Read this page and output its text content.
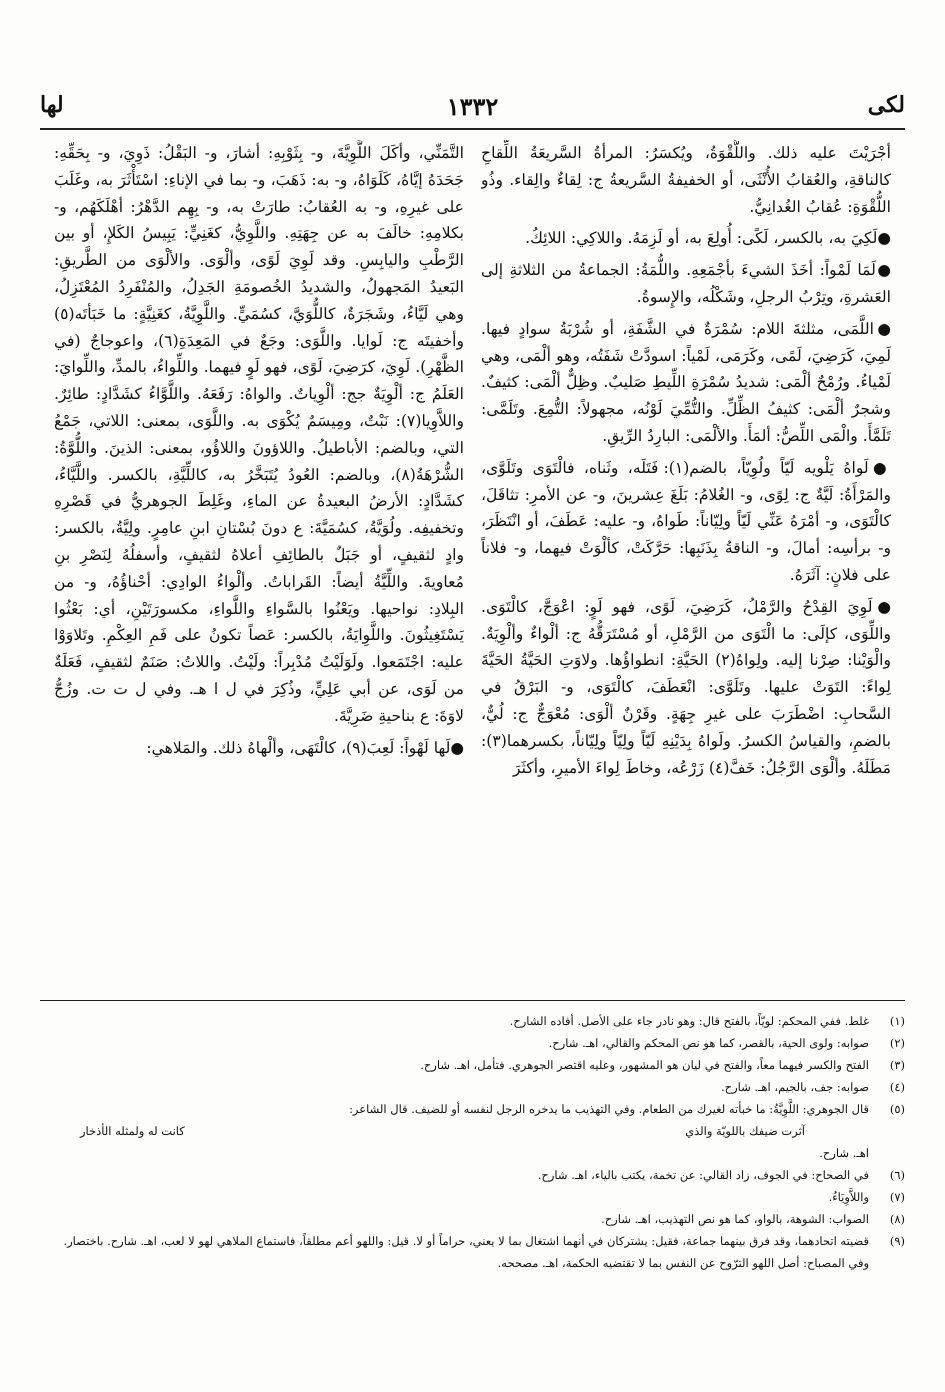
لكى
١٣٣٢
لها

أجْرَيْتَ عليه ذلك. واللُّقْوَةُ، ويُكسَرُ: المرأةُ السَّريعَةُ اللِّقاحِ كالناقةِ، والعُقابُ الأُنْثَى، أو الخفيفةُ السَّريعةُ ج: لِقاءٌ والِقاء. وذُو اللُّقْوَةِ: عُقابُ الغُدانِيُّ.

●لَكِيَ به، بالكسر، لَكًى: أُولِعَ به، أو لَزِمَهُ. واللاكِي: اللائِكُ.

●لَمَا لَمْواً: أخَذَ الشيءَ بأجْمَعِهِ. واللُّمَةُ: الجماعةُ من الثلاثةِ إلى العَشرةِ، وتِرْبُ الرجلِ، وشَكْلُه، والإِسوةُ.

●اللَّمَى، مثلثةَ اللام: سُمْرَةٌ في الشَّفَةِ، أو شُرْبَةُ سوادٍ فيها. لَمِيَ، كَرَضِيَ، لَمًى، وكَرَمَى، لَمْياً: اسودَّتْ شَفَتُه، وهو ألْمَى، وهي لَمْياءُ. ورُمْحٌ ألْمَى: شديدُ سُمْرَةِ اللِّيطِ صَليبٌ. وظِلٌّ ألْمَى: كثيفٌ. وشجرٌ ألْمَى: كثيفُ الظِّلِّ. والتُّمِّيَ لَوْنُه، مجهولاً: التُّمِعَ. وتَلَمَّى: تَلَمَّأَ. والْمَى اللِّصُّ: ألمَأَ. والألْمَى: البارِدُ الرِّيقِ.

●لَواهُ يَلْويه لَيّاً ولُوِيّاً، بالضم(١): فَتَلَه، وثَناه، فالْتَوَى وتَلَوَّى، والمَرْأَةُ: لَيَّةٌ ج: لِوًى، و- الغُلامُ: بَلَغَ عِشرينَ، و- عن الأمرِ: تثاقَلَ، كالْتَوَى، و- أمْرَهُ عَنِّي لَيّاً ولِيّاناً: طَواهُ، و- عليه: عَطَفَ، أو انْتَظَرَ، و- برأسِه: أمالَ، و- الناقةُ بِذَنَبِها: حَرَّكَتْ، كألْوَتْ فيهما، و- فلاناً على فلانٍ: آثَرَهُ.

●لَوِيَ القِدْحُ والرَّمْلُ، كَرَضِيَ، لَوًى، فهو لَوٍ: اعْوَجَّ، كالْتَوَى. واللِّوَى، كإلَى: ما الْتَوَى من الرَّمْلِ، أو مُسْتَرَقُّهُ ج: ألْواءٌ وألْوِيَةٌ. والْوَيْنا: صِرْنا إليه. ولِواهُ(٢) الحَيَّةِ: انطواؤُها. ولاوَتِ الحَيَّةُ الحَيَّةَ لِواءً: التَوَتْ عليها. وتَلَوَّى: انْعَطَفَ، كالْتَوَى، و- البَرْقُ في السَّحابِ: اضْطَرَبَ على غيرِ جِهَةٍ. وقَرْنٌ ألْوَى: مُعْوَجٌّ ج: لُيٌّ، بالضمِ، والقياسُ الكسرُ. ولَواهُ بِدَيْنِهِ لَيّاً ولِيّاً ولِيّاناً، بكسرهما(٣): مَطَلَهُ. وألْوَى الرَّجُلُ: خَفَّ(٤) زَرْعُه، وخاطَ لِواءَ الأميرِ، وأكثَرَ

التَّمَنِّي، وأكَلَ اللَّوِيَّةَ، و- بِثَوْبِهِ: أشارَ، و- البَقْلُ: ذَوِيَ، و- بِحَقِّهِ: جَحَدَهُ إيَّاهُ، كَلَوَاهُ، و- به: ذَهَبَ، و- بما في الإناءِ: اسْتَأْثَرَ به، وغَلَبَ على غيرِهِ، و- به العُقابُ: طارَتْ به، و- بِهِم الدَّهْرُ: أهْلَكَهُم، و- بكلامِهِ: خالَفَ به عن جِهَتِهِ. واللَّوِيُّ، كغَنِيٍّ: يَبِيسُ الكَلإِ، أو بين الرَّطْبِ واليابِسِ. وقد لَوِيَ لَوًى، وألْوَى. والألْوَى من الطَّريقِ: البَعيدُ المَجهولُ، والشديدُ الخُصومَةِ الجَدِلُ، والمُنْفَرِدُ المُعْتَزِلُ، وهي لَيَّاءُ، وشَجَرَةٌ، كاللُّوَيَّ، كسُمَيٍّ. واللَّوِيَّةُ، كغَنِيَّةٍ: ما خَبَأتَه(٥) وأخفيتَه ج: لَوايا. واللَّوَى: وجَعٌ في المَعِدَةِ(٦)، واعوجاجٌ (في الظَّهْرِ). لَوِيَ، كرَضِيَ، لَوًى، فهو لَوٍ فيهما. واللِّواءُ، بالمدِّ، واللِّوايَ: العَلَمُ ج: ألْوِيَةٌ جج: ألْوِياتٌ. والواهُ: رَفَعَهُ. واللَّوَّاءُ كشَدَّادٍ: طائِرٌ. واللاَّوِيا(٧): نَبْتٌ، ومِيسَمٌ يُكْوَى به. واللَّوَى، بمعنى: اللاتي، جَمْعُ التي، وبالضم: الأباطيلُ. واللاؤونَ واللاؤُو، بمعنى: الذينَ. واللُّوَّةُ: الشُّرْهَةُ(٨)، وبالضم: العُودُ يُتَبَخَّرُ به، كاللِّيَّةِ، بالكسر. واللَّيَّاءُ، كشَدَّادٍ: الأرضُ البعيدةُ عن الماءِ، وغَلِطَ الجوهريُّ في قَصْرِهِ وتخفيفِه. ولُوَيَّةُ، كسُمَيَّةَ: ع دونَ بُسْتانِ ابنِ عامِرٍ. ولِيَّةُ، بالكسر: وادٍ لثقيفٍ، أو جَبَلٌ بالطائِفِ أعلاهُ لثقيفٍ، وأسفلُهُ لِنَصْرِ بنِ مُعاويةَ. واللِّيَّةُ أيضاً: القَراباتُ. وألْواءُ الوادِي: أحْناؤُهُ، و- من البِلادِ: نواحيها. ويَعْنُوا بالسَّواءِ واللَّواءِ، مكسورَتَيْنِ، أي: بَعْثُوا يَسْتَغِيثُونَ. واللَّوِايَةُ، بالكسر: عَصاً تكونُ على فَمِ العِكْمِ. وتَلاوَوْا عليه: اجْتَمَعوا. ولَوَلَيْتُ مُدْبِراً: ولَيْتُ. واللاتُ: صَنَمٌ لثقيفٍ، فَعَلَةٌ من لَوَى، عن أبي عَلِيٍّ، وذُكِرَ في ل ا هـ. وفي ل ت ت. وزُجُّ لاوَةَ: ع بناحيةِ ضَرِيَّةَ.

●لَها لَهْواً: لَعِبَ(٩)، كالْتَهَى، وألْهاهُ ذلك. والمَلاهي:

(١)
غلط. ففي المحكم: لويّاً، بالفتح قال: وهو نادر جاء على الأصل. أفاده الشارح.
(٢)
صوابه: ولوى الحية، بالقصر، كما هو نص المحكم والقالي، اهـ. شارح.
(٣)
الفتح والكسر فيهما معاً، والفتح في ليان هو المشهور، وعليه اقتصر الجوهري. فتأمل، اهـ. شارح.
(٤)
صوابه: جف، بالجيم، اهـ. شارح.
(٥)
قال الجوهري: اللَّوِيَّةُ: ما خبأته لغيرك من الطعام. وفي التهذيب ما يدخره الرجل لنفسه أو للضيف. قال الشاعر:
آثرت ضيفك باللويّة والذي
كانت له ولمثله الأذخار
اهـ. شارح.
(٦)
في الصحاح: في الجوف، زاد القالي: عن تخمة، يكتب بالياء، اهـ. شارح.
(٧)
واللاَّوِيَاءُ.
(٨)
الصواب: الشوهة، بالواو، كما هو نص التهذيب، اهـ. شارح.
(٩)
قضيته اتحادهما، وقد فرق بينهما جماعة، فقيل: يشتركان في أنهما اشتغال بما لا يعني، حراماً أو لا. قيل: واللهو أعم مطلقاً، فاستماع الملاهي لهو لا لعب، اهـ. شارح. باختصار. وفي المصباح: أصل اللهو الترّوح عن النفس بما لا تقتضيه الحكمة، اهـ. مصححه.
